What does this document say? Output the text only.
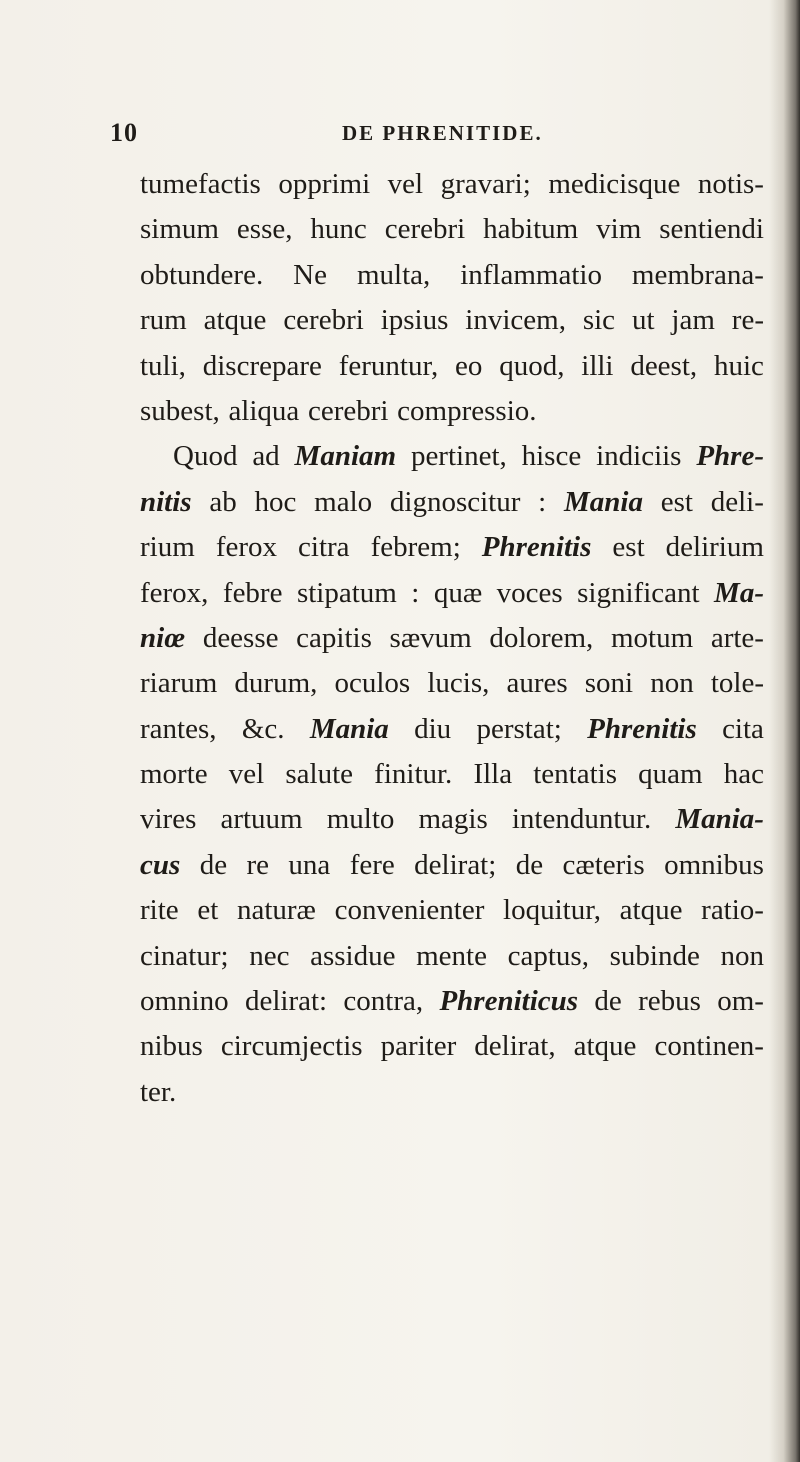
10	DE PHRENITIDE.
tumefactis opprimi vel gravari; medicisque notis-
simum esse, hunc cerebri habitum vim sentiendi
obtundere. Ne multa, inflammatio membrana-
rum atque cerebri ipsius invicem, sic ut jam re-
tuli, discrepare feruntur, eo quod, illi deest, huic
subest, aliqua cerebri compressio.
Quod ad Maniam pertinet, hisce indiciis Phre-
nitis ab hoc malo dignoscitur : Mania est deli-
rium ferox citra febrem; Phrenitis est delirium
ferox, febre stipatum : quæ voces significant Ma-
niœ deesse capitis sævum dolorem, motum arte-
riarum durum, oculos lucis, aures soni non tole-
rantes, &c. Mania diu perstat; Phrenitis cita
morte vel salute finitur. Illa tentatis quam hac
vires artuum multo magis intenduntur. Mania-
cus de re una fere delirat; de cæteris omnibus
rite et naturæ convenienter loquitur, atque ratio-
cinatur; nec assidue mente captus, subinde non
omnino delirat: contra, Phreniticus de rebus om-
nibus circumjectis pariter delirat, atque continen-
ter.
